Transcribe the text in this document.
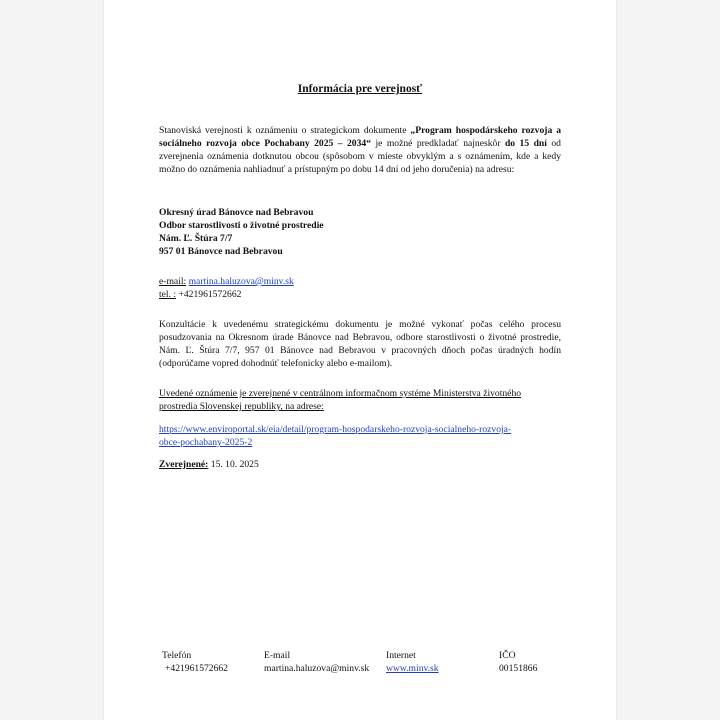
Informácia pre verejnosť
Stanoviská verejnosti k oznámeniu o strategickom dokumente „Program hospodárskeho rozvoja a sociálneho rozvoja obce Pochabany 2025 – 2034“ je možné predkladať najneskôr do 15 dní od zverejnenia oznámenia dotknutou obcou (spôsobom v mieste obvyklým a s oznámením, kde a kedy možno do oznámenia nahliadnuť a prístupným po dobu 14 dní od jeho doručenia) na adresu:
Okresný úrad Bánovce nad Bebravou
Odbor starostlivosti o životné prostredie
Nám. Ľ. Štúra 7/7
957 01 Bánovce nad Bebravou
e-mail: martina.haluzova@minv.sk
tel. : +421961572662
Konzultácie k uvedenému strategickému dokumentu je možné vykonať počas celého procesu posudzovania na Okresnom úrade Bánovce nad Bebravou, odbore starostlivosti o životné prostredie, Nám. Ľ. Štúra 7/7, 957 01 Bánovce nad Bebravou v pracovných dňoch počas úradných hodín (odporúčame vopred dohodnúť telefonicky alebo e-mailom).
Uvedené oznámenie je zverejnené v centrálnom informačnom systéme Ministerstva životného prostredia Slovenskej republiky, na adrese:
https://www.enviroportal.sk/eia/detail/program-hospodarskeho-rozvoja-socialneho-rozvoja-
obce-pochabany-2025-2
Zverejnené: 15. 10. 2025
Telefón
+421961572662
E-mail
martina.haluzova@minv.sk
Internet
www.minv.sk
IČO
00151866
